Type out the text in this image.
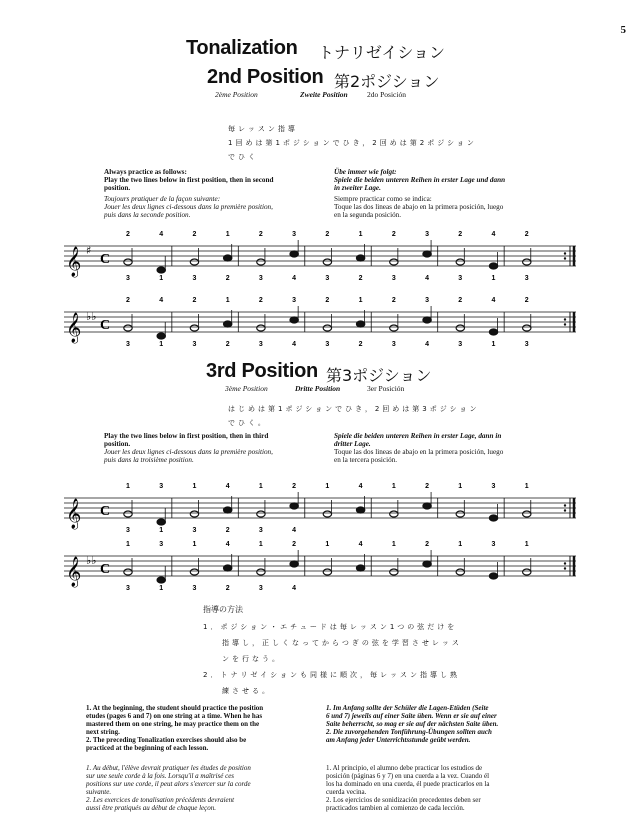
5
Tonalization トナリゼイション
2nd Position 第2ポジション
2ème Position	Zweite Position	2do Posición
毎レッスン指導
1回めは第1ポジションでひき，2回めは第2ポジション
でひく
Always practice as follows:
Play the two lines below in first position, then in second
position.
Toujours pratiquer de la façon suivante:
Jouer les deux lignes ci-dessous dans la première position,
puis dans la seconde position.
Übe immer wie folgt:
Spiele die beiden unteren Reihen in erster Lage und dann
in zweiter Lage.
Siempre practicar como se indica:
Toque las dos lineas de abajo en la primera posición, luego
en la segunda posición.
𝄞 ♯
C
2	4	2	1	2	3	2	1	2	3	2	4	2
3	1	3	2	3	4	3	2	3	4	3	1	3
𝄞 ♭♭
C
2	4	2	1	2	3	2	1	2	3	2	4	2
3	1	3	2	3	4	3	2	3	4	3	1	3
3rd Position 第3ポジション
3ème Position	Dritte Position	3er Posición
はじめは第1ポジションでひき，2回めは第3ポジション
でひく。
Play the two lines below in first position, then in third
position.
Jouer les deux lignes ci-dessous dans la première position,
puis dans la troisième position.
Spiele die beiden unteren Reihen in erster Lage, dann in
dritter Lage.
Toque las dos lineas de abajo en la primera posición, luego
en la tercera posición.
𝄞 C
1	3	1	4	1	2	1	4	1	2	1	3	1
3	1	3	2	3	4
𝄞 ♭♭
C
1	3	1	4	1	2	1	4	1	2	1	3	1
3	1	3	2	3	4
指導の方法
1．ポジション・エチュードは毎レッスン1つの弦だけを
指導し，正しくなってからつぎの弦を学習させレッス
ンを行なう。
2．トナリゼイションも同様に順次，毎レッスン指導し熟
練させる。
1. At the beginning, the student should practice the position
etudes (pages 6 and 7) on one string at a time. When he has
mastered them on one string, he may practice them on the
next string.
2. The preceding Tonalization exercises should also be
practiced at the beginning of each lesson.
1. Au début, l'élève devrait pratiquer les études de position
sur une seule corde à la fois. Lorsqu'il a maîtrisé ces
positions sur une corde, il peut alors s'exercer sur la corde
suivante.
2. Les exercices de tonalisation précédents devraient
aussi être pratiqués au début de chaque leçon.
1. Im Anfang sollte der Schüler die Lagen-Etüden (Seite
6 und 7) jeweils auf einer Saite üben. Wenn er sie auf einer
Saite beherrscht, so mag er sie auf der nächsten Saite üben.
2. Die zuvorgehenden Tonführung-Übungen sollten auch
am Anfang jeder Unterrichtsstunde geübt werden.
1. Al principio, el alumno debe practicar los estudios de
posición (páginas 6 y 7) en una cuerda a la vez. Cuando él
los ha dominado en una cuerda, él puede practicarlos en la
cuerda vecina.
2. Los ejercicios de sonidización precedentes deben ser
practicados tambien al comienzo de cada lección.
